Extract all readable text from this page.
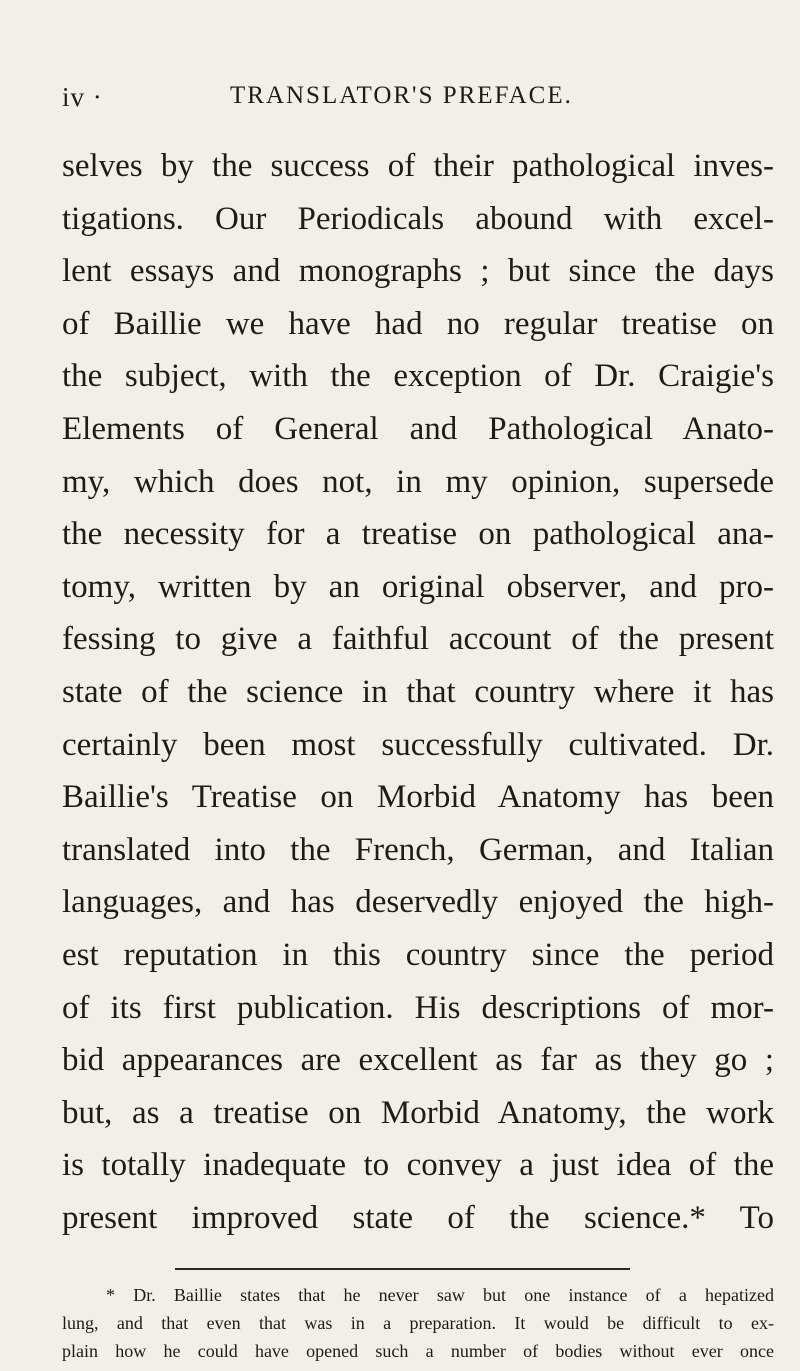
iv ·	TRANSLATOR'S PREFACE.
selves by the success of their pathological inves-
tigations. Our Periodicals abound with excel-
lent essays and monographs ; but since the days
of Baillie we have had no regular treatise on
the subject, with the exception of Dr. Craigie's
Elements of General and Pathological Anato-
my, which does not, in my opinion, supersede
the necessity for a treatise on pathological ana-
tomy, written by an original observer, and pro-
fessing to give a faithful account of the present
state of the science in that country where it has
certainly been most successfully cultivated. Dr.
Baillie's Treatise on Morbid Anatomy has been
translated into the French, German, and Italian
languages, and has deservedly enjoyed the high-
est reputation in this country since the period
of its first publication. His descriptions of mor-
bid appearances are excellent as far as they go ;
but, as a treatise on Morbid Anatomy, the work
is totally inadequate to convey a just idea of the
present improved state of the science.* To
* Dr. Baillie states that he never saw but one instance of a hepatized
lung, and that even that was in a preparation. It would be difficult to ex-
plain how he could have opened such a number of bodies without ever once
